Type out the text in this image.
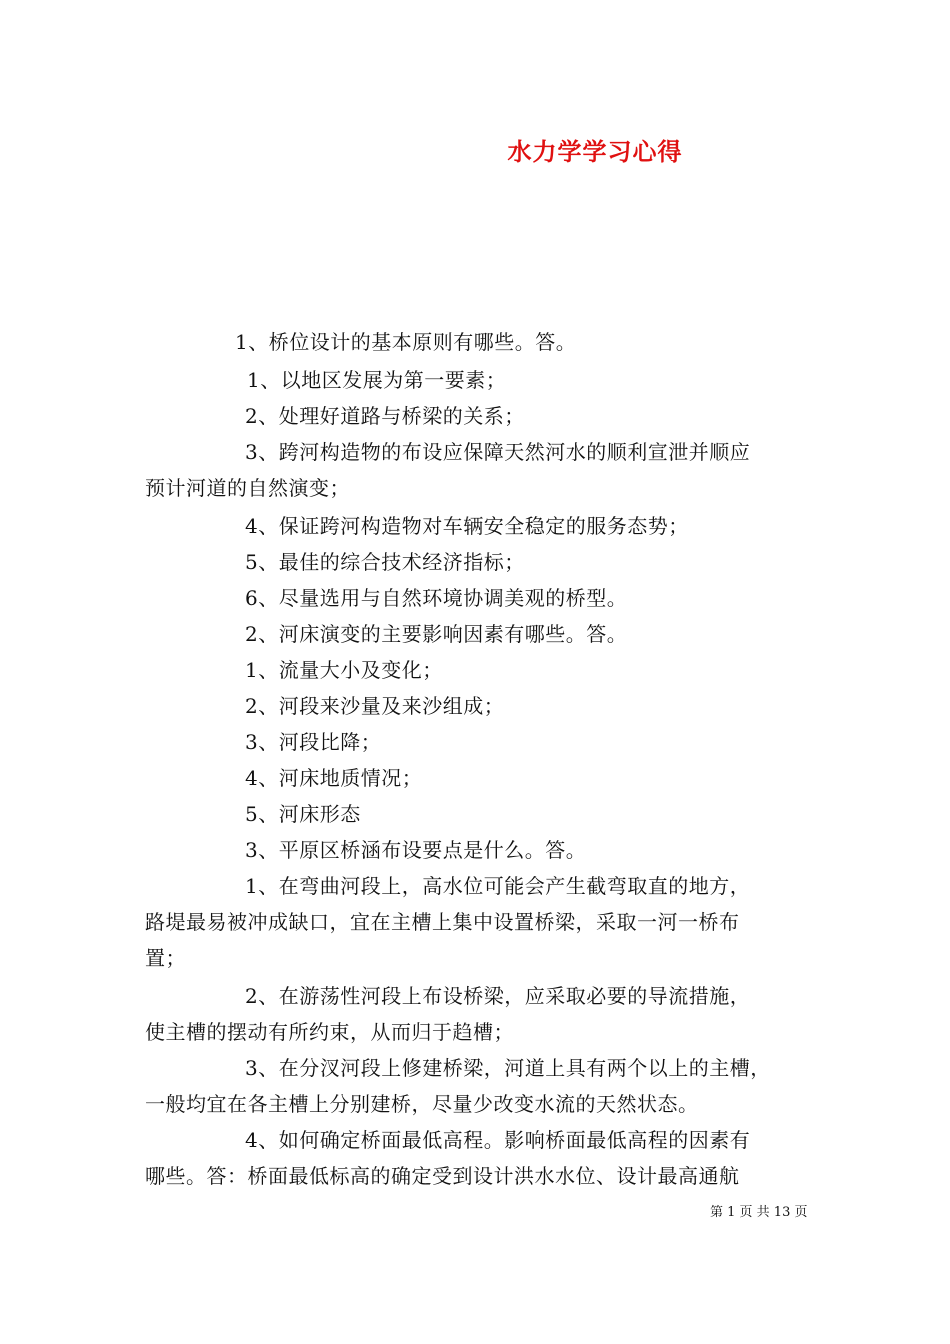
水力学学习心得
1、桥位设计的基本原则有哪些。答。
1、以地区发展为第一要素；
2、处理好道路与桥梁的关系；
3、跨河构造物的布设应保障天然河水的顺利宣泄并顺应
预计河道的自然演变；
4、保证跨河构造物对车辆安全稳定的服务态势；
5、最佳的综合技术经济指标；
6、尽量选用与自然环境协调美观的桥型。
2、河床演变的主要影响因素有哪些。答。
1、流量大小及变化；
2、河段来沙量及来沙组成；
3、河段比降；
4、河床地质情况；
5、河床形态
3、平原区桥涵布设要点是什么。答。
1、在弯曲河段上，高水位可能会产生截弯取直的地方，
路堤最易被冲成缺口，宜在主槽上集中设置桥梁，采取一河一桥布
置；
2、在游荡性河段上布设桥梁，应采取必要的导流措施，
使主槽的摆动有所约束，从而归于趋槽；
3、在分汊河段上修建桥梁，河道上具有两个以上的主槽，
一般均宜在各主槽上分别建桥，尽量少改变水流的天然状态。
4、如何确定桥面最低高程。影响桥面最低高程的因素有
哪些。答：桥面最低标高的确定受到设计洪水水位、设计最高通航
第 1 页 共 13 页
